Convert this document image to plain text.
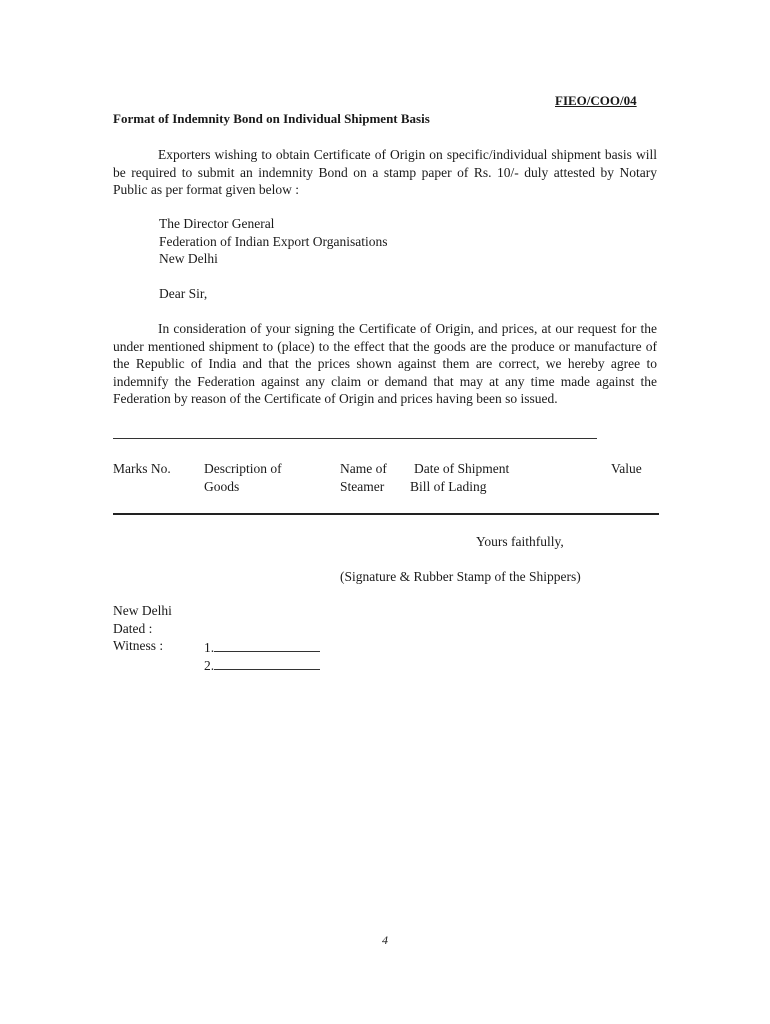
FIEO/COO/04
Format of Indemnity Bond on Individual Shipment Basis
Exporters wishing to obtain Certificate of Origin on specific/individual shipment basis will be required to submit an indemnity Bond on a stamp paper of Rs. 10/- duly attested by Notary Public as per format given below :
The Director General
Federation of Indian Export Organisations
New Delhi
Dear Sir,
In consideration of your signing the Certificate of Origin, and prices, at our request for the under mentioned shipment to (place) to the effect that the goods are the produce or manufacture of the Republic of India and that the prices shown against them are correct, we hereby agree to indemnify the Federation against any claim or demand that may at any time made against the Federation by reason of the Certificate of Origin and prices having been so issued.
Marks No. Description of
Goods
Name of
Steamer
Date of Shipment
Bill of Lading
Value
Yours faithfully,
(Signature & Rubber Stamp of the Shippers)
New Delhi
Dated :
Witness :	1.
2.
4
